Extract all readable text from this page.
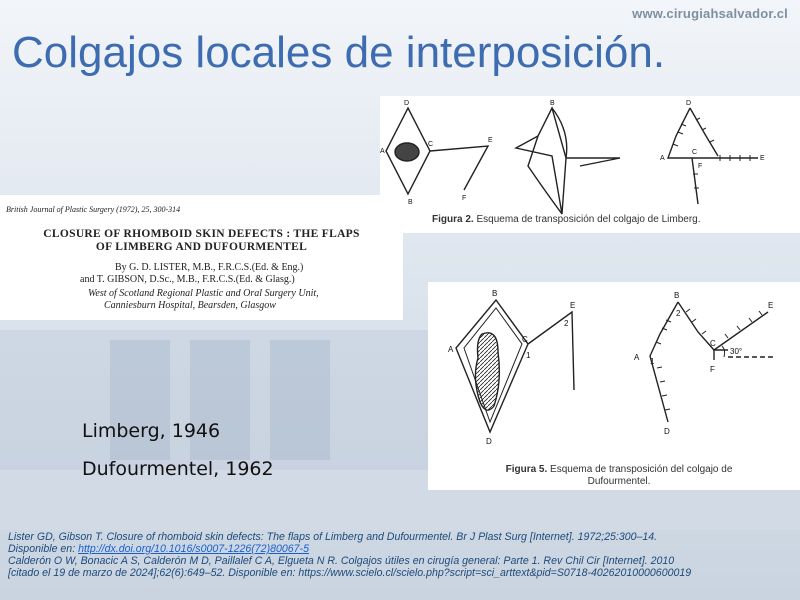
www.cirugiahsalvador.cl
Colgajos locales de interposición.
D
A
C
E
F
B
B	D
A
C
E
F
Figura 2. Esquema de transposición del colgajo de Limberg.
British Journal of Plastic Surgery (1972), 25, 300-314
CLOSURE OF RHOMBOID SKIN DEFECTS : THE FLAPS
OF LIMBERG AND DUFOURMENTEL
By G. D. LISTER, M.B., F.R.C.S.(Ed. & Eng.)
and T. GIBSON, D.Sc., M.B., F.R.C.S.(Ed. & Glasg.)
West of Scotland Regional Plastic and Oral Surgery Unit,
Canniesburn Hospital, Bearsden, Glasgow
B
E
2
A
C
1
D
B
2
E
A 1
C
30°
F
D
Figura 5. Esquema de transposición del colgajo de
Dufourmentel.
Limberg, 1946
Dufourmentel, 1962
Lister GD, Gibson T. Closure of rhomboid skin defects: The flaps of Limberg and Dufourmentel. Br J Plast Surg [Internet]. 1972;25:300–14.
Disponible en: http://dx.doi.org/10.1016/s0007-1226(72)80067-5
Calderón O W, Bonacic A S, Calderón M D, Paillalef C A, Elgueta N R. Colgajos útiles en cirugía general: Parte 1. Rev Chil Cir [Internet]. 2010
[citado el 19 de marzo de 2024];62(6):649–52. Disponible en: https://www.scielo.cl/scielo.php?script=sci_arttext&pid=S0718-40262010000600019
